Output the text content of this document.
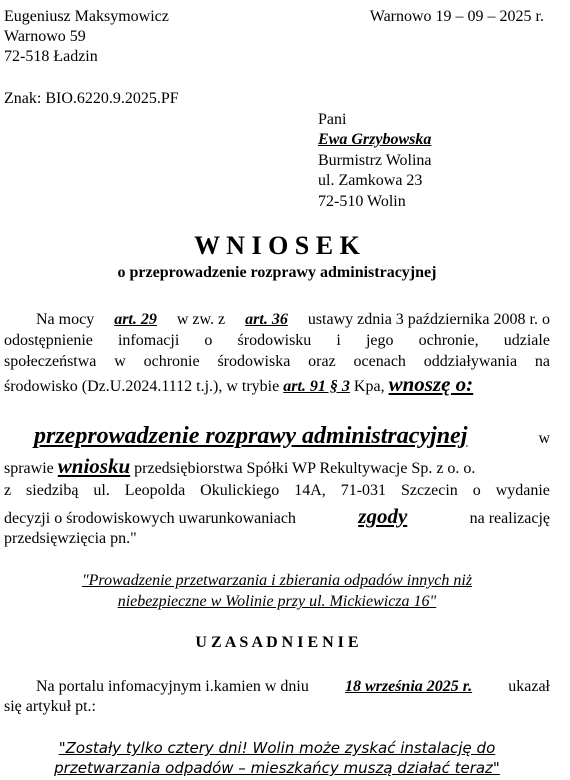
Eugeniusz Maksymowicz
Warnowo 59
72-518 Ładzin
Warnowo 19 – 09 – 2025 r.
Znak: BIO.6220.9.2025.PF
Pani
Ewa Grzybowska
Burmistrz Wolina
ul. Zamkowa 23
72-510 Wolin
W N I O S E K
o przeprowadzenie rozprawy administracyjnej
Na mocy art. 29 w zw. z art. 36 ustawy zdnia 3 października 2008 r. o
odostępnienie infomacji o środowisku i jego ochronie, udziale
społeczeństwa w ochronie środowiska oraz ocenach oddziaływania na
środowisko (Dz.U.2024.1112 t.j.), w trybie art. 91 § 3 Kpa, wnoszę o:
przeprowadzenie rozprawy administracyjnej	w
sprawie wniosku przedsiębiorstwa Spółki WP Rekultywacje Sp. z o. o.
z siedzibą ul. Leopolda Okulickiego 14A, 71-031 Szczecin o wydanie
decyzji o środowiskowych uwarunkowaniach	zgody	na realizację
przedsięwzięcia pn."
"Prowadzenie przetwarzania i zbierania odpadów innych niż
niebezpieczne w Wolinie przy ul. Mickiewicza 16"
U Z A S A D N I E N I E
Na portalu infomacyjnym i.kamien w dniu 18 września 2025 r. ukazał
się artykuł pt.:
"Zostały tylko cztery dni! Wolin może zyskać instalację do
przetwarzania odpadów – mieszkańcy muszą działać teraz"
